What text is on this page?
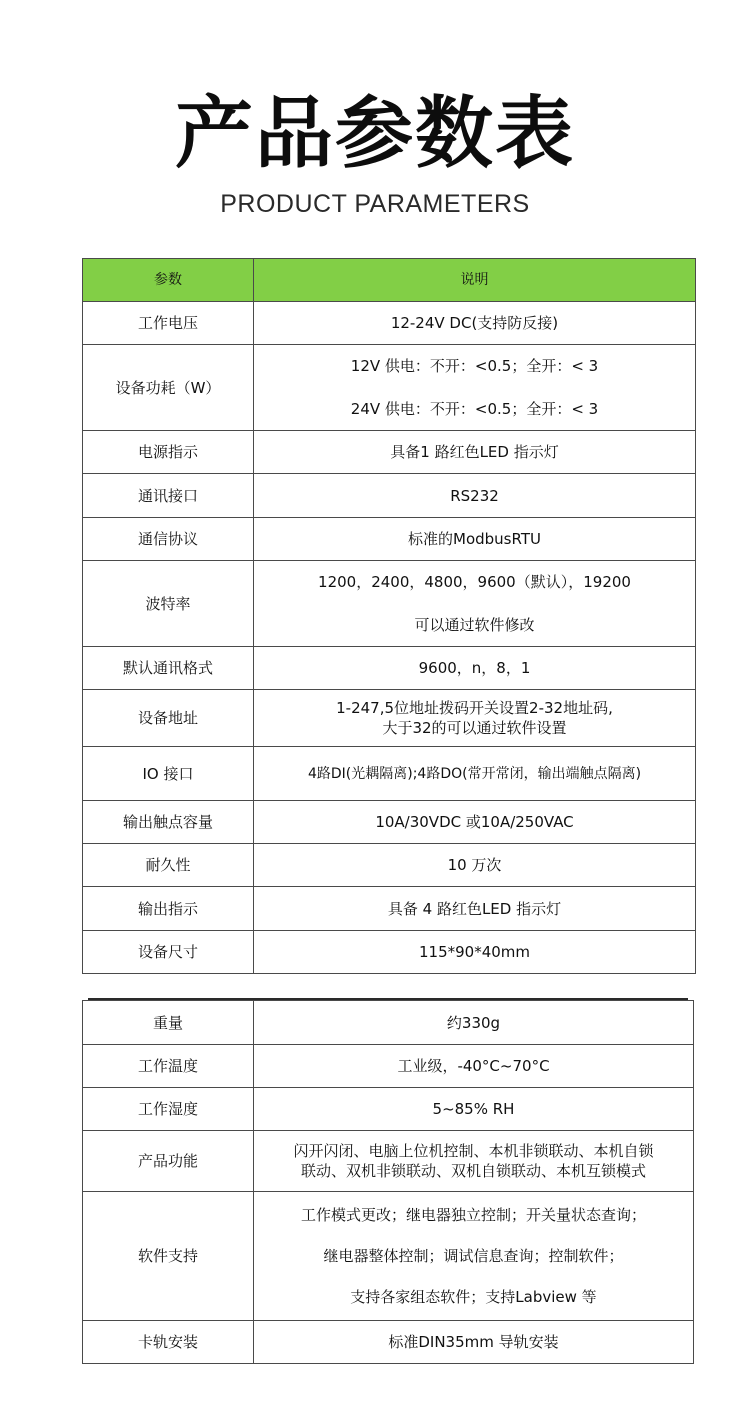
产品参数表
PRODUCT PARAMETERS
参数	说明
工作电压	12-24V DC(支持防反接)

设备功耗（W）	12V 供电：不开：<0.5；全开：< 3
24V 供电：不开：<0.5；全开：< 3

电源指示	具备1 路红色LED 指示灯

通讯接口	RS232

通信协议	标准的ModbusRTU

波特率	1200，2400，4800，9600（默认），19200
可以通过软件修改

默认通讯格式	9600，n，8，1

设备地址	1-247,5位地址拨码开关设置2-32地址码,
大于32的可以通过软件设置

IO 接口	4路DI(光耦隔离);4路DO(常开常闭，输出端触点隔离)

输出触点容量	10A/30VDC 或10A/250VAC

耐久性	10 万次

输出指示	具备 4 路红色LED 指示灯

设备尺寸	115*90*40mm
重量	约330g

工作温度	工业级，-40°C~70°C

工作湿度	5~85% RH

产品功能	闪开闪闭、电脑上位机控制、本机非锁联动、本机自锁
联动、双机非锁联动、双机自锁联动、本机互锁模式

软件支持	工作模式更改；继电器独立控制；开关量状态查询；
继电器整体控制；调试信息查询；控制软件；
支持各家组态软件；支持Labview 等

卡轨安装	标准DIN35mm 导轨安装
